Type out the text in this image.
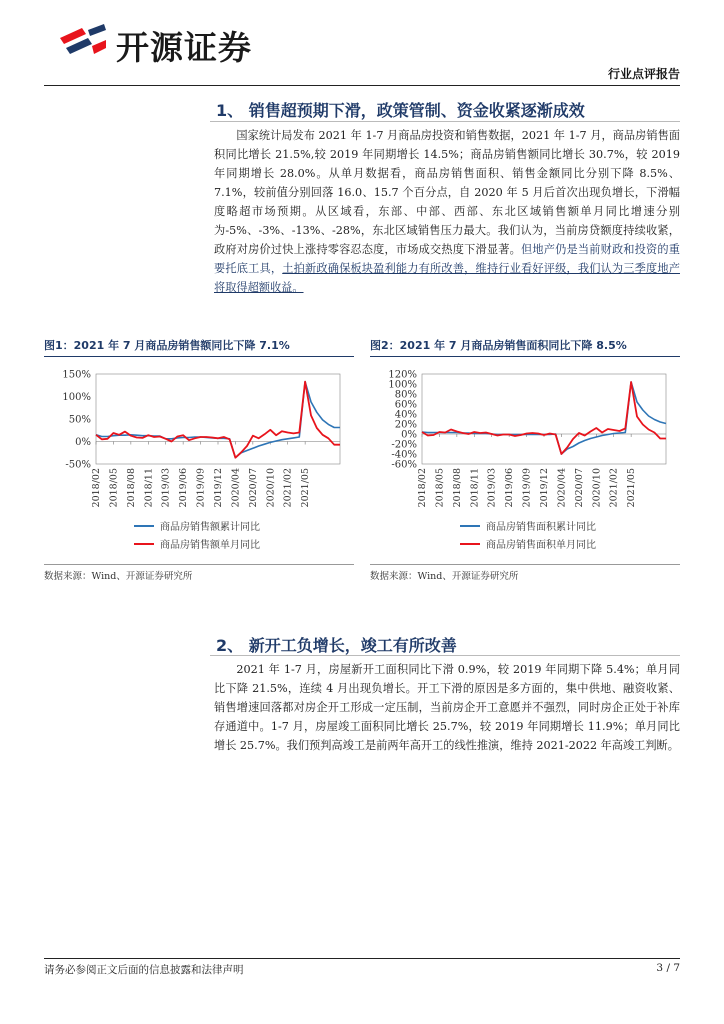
开源证券
行业点评报告
1、 销售超预期下滑，政策管制、资金收紧逐渐成效
国家统计局发布 2021 年 1-7 月商品房投资和销售数据，2021 年 1-7 月，商品房销售面积同比增长 21.5%,较 2019 年同期增长 14.5%；商品房销售额同比增长 30.7%，较 2019 年同期增长 28.0%。从单月数据看，商品房销售面积、销售金额同比分别下降 8.5%、7.1%，较前值分别回落 16.0、15.7 个百分点，自 2020 年 5 月后首次出现负增长，下滑幅度略超市场预期。从区域看，东部、中部、西部、东北区域销售额单月同比增速分别为-5%、-3%、-13%、-28%，东北区域销售压力最大。我们认为，当前房贷额度持续收紧，政府对房价过快上涨持零容忍态度，市场成交热度下滑显著。但地产仍是当前财政和投资的重要托底工具，土拍新政确保板块盈利能力有所改善，维持行业看好评级，我们认为三季度地产将取得超额收益。
图1：2021 年 7 月商品房销售额同比下降 7.1%
150%
100%
50%
0%
-50%
2018/02 2018/05 2018/08 2018/11 2019/03 2019/06 2019/09 2019/12 2020/04 2020/07 2020/10 2021/02 2021/05
商品房销售额累计同比
商品房销售额单月同比
数据来源：Wind、开源证券研究所
图2：2021 年 7 月商品房销售面积同比下降 8.5%
120%
100%
80%
60%
40%
20%
0%
-20%
-40%
-60%
2018/02 2018/05 2018/08 2018/11 2019/03 2019/06 2019/09 2019/12 2020/04 2020/07 2020/10 2021/02 2021/05
商品房销售面积累计同比
商品房销售面积单月同比
数据来源：Wind、开源证券研究所
2、 新开工负增长，竣工有所改善
2021 年 1-7 月，房屋新开工面积同比下滑 0.9%，较 2019 年同期下降 5.4%；单月同比下降 21.5%，连续 4 月出现负增长。开工下滑的原因是多方面的，集中供地、融资收紧、销售增速回落都对房企开工形成一定压制，当前房企开工意愿并不强烈，同时房企正处于补库存通道中。1-7 月，房屋竣工面积同比增长 25.7%，较 2019 年同期增长 11.9%；单月同比增长 25.7%。我们预判高竣工是前两年高开工的线性推演，维持 2021-2022 年高竣工判断。
请务必参阅正文后面的信息披露和法律声明	3 / 7
